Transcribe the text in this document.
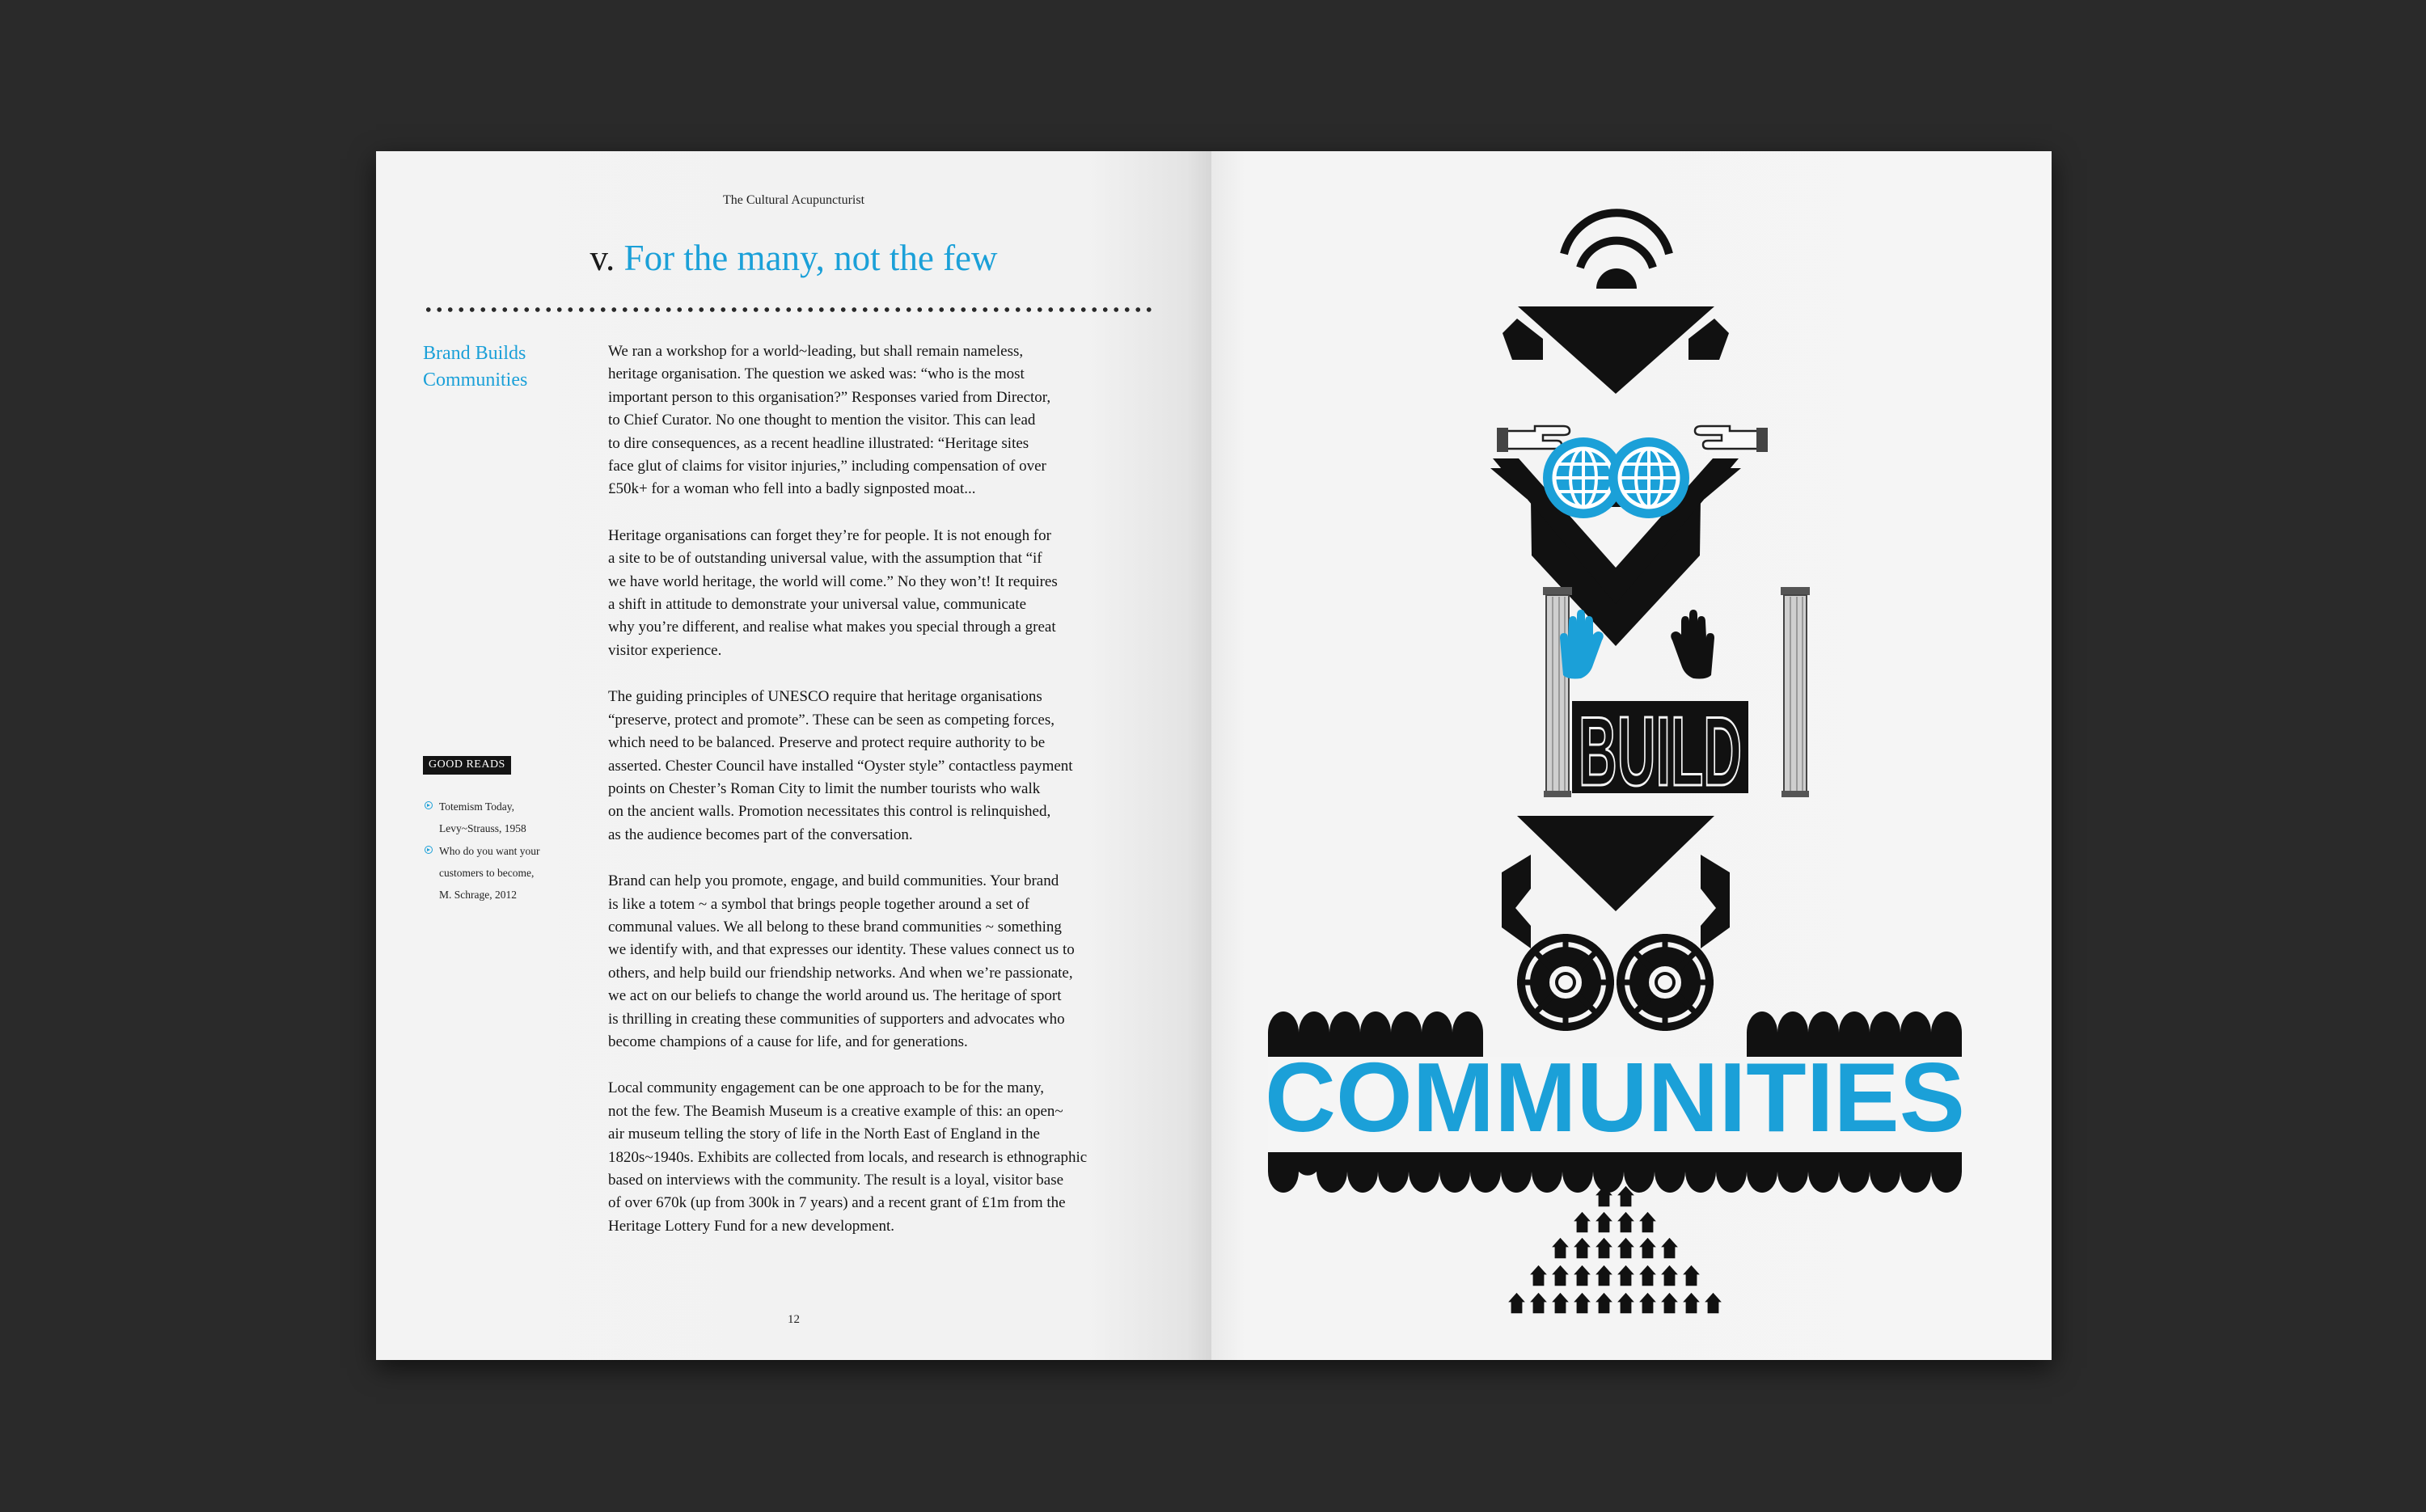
The Cultural Acupuncturist
v. For the many, not the few
Brand Builds
Communities
GOOD READS
Totemism Today,
Levy~Strauss, 1958
Who do you want your
customers to become,
M. Schrage, 2012

We ran a workshop for a world~leading, but shall remain nameless,
heritage organisation. The question we asked was: “who is the most
important person to this organisation?” Responses varied from Director,
to Chief Curator. No one thought to mention the visitor. This can lead
to dire consequences, as a recent headline illustrated: “Heritage sites
face glut of claims for visitor injuries,” including compensation of over
£50k+ for a woman who fell into a badly signposted moat...

Heritage organisations can forget they’re for people. It is not enough for
a site to be of outstanding universal value, with the assumption that “if
we have world heritage, the world will come.” No they won’t! It requires
a shift in attitude to demonstrate your universal value, communicate
why you’re different, and realise what makes you special through a great
visitor experience.

The guiding principles of UNESCO require that heritage organisations
“preserve, protect and promote”. These can be seen as competing forces,
which need to be balanced. Preserve and protect require authority to be
asserted. Chester Council have installed “Oyster style” contactless payment
points on Chester’s Roman City to limit the number tourists who walk
on the ancient walls. Promotion necessitates this control is relinquished,
as the audience becomes part of the conversation.

Brand can help you promote, engage, and build communities. Your brand
is like a totem ~ a symbol that brings people together around a set of
communal values. We all belong to these brand communities ~ something
we identify with, and that expresses our identity. These values connect us to
others, and help build our friendship networks. And when we’re passionate,
we act on our beliefs to change the world around us. The heritage of sport
is thrilling in creating these communities of supporters and advocates who
become champions of a cause for life, and for generations.

Local community engagement can be one approach to be for the many,
not the few. The Beamish Museum is a creative example of this: an open~
air museum telling the story of life in the North East of England in the
1820s~1940s. Exhibits are collected from locals, and research is ethnographic
based on interviews with the community. The result is a loyal, visitor base
of over 670k (up from 300k in 7 years) and a recent grant of £1m from the
Heritage Lottery Fund for a new development.

12
BUILD
COMMUNITIES
